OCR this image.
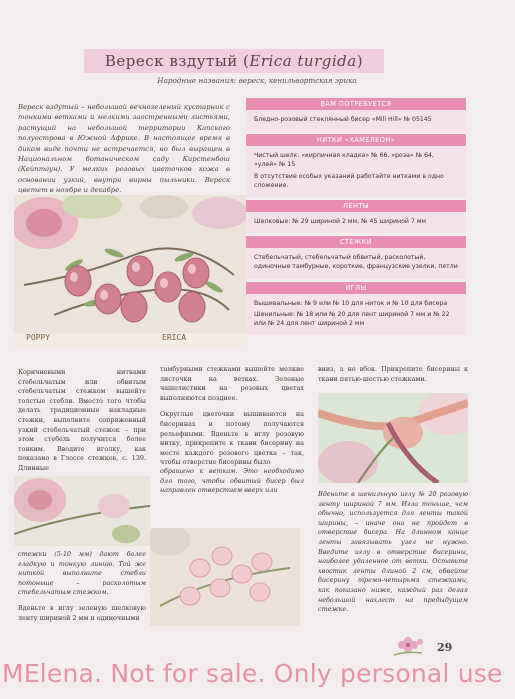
Вереск вздутый ( Erica turgida )
Народные названия: вереск, кенильвортская эрика
Вереск вздутый – небольшой вечнозеленый кустарник с тонкими ветками и мелкими заостренными листьями, растущий на небольшой территории Капского полуострова в Южной Африке. В настоящее время в диком виде почти не встречается, но был выращен в Национальном ботаническом саду Кирстенбош (Кейптаун). У мелких розовых цветочков кожа в основании узкий, внутри вирны пыльники. Вереск цветет в ноябре и декабре.
ВАМ ПОТРЕБУЕТСЯ

Бледно-розовый стеклянный бисер «Mill Hill» № 05145

НИТКИ «ХАМЕЛЕОН»

Чистый шелк: «кирпичная кладка» № 66, «роза» № 64, «улей» № 15

В отсутствие особых указаний работайте нитками в одно сложение.

ЛЕНТЫ

Шелковые: № 29 шириной 2 мм, № 45 шириной 7 мм

СТЕЖКИ

Стебельчатый, стебельчатый обвитый, расколотый, одиночные тамбурные, короткие, французские узелки, петли

ИГЛЫ

Вышивальные: № 9 или № 10 для ниток и № 10 для бисера

Шенильные: № 18 или № 20 для лент шириной 7 мм и № 22 или № 24 для лент шириной 2 мм

POPPY	ERICA

Коричневыми нитками стебельчатым или обвитым стебельчатым стежком вышейте толстые стебли. Вместо того чтобы делать традиционные накладные стежки, выполните сопряженный узкий стебельчатый стежок – при этом стебель получится более тонким. Вводите иголку, как показано в Глоссе стежков, с. 139. Длинные

стежки (5-10 мм) дают более гладкую и тонкую линию. Той же ниткой выполните стебли потоньше – расколотым стебельчатым стежком.
Вденьте в иглу зеленую шелковую ленту шириной 2 мм и одиночными

тамбурными стежками вышейте мелкие листочки на ветках. Зеленые чашелистики на розовых цветах выполняются позднее.

Округлые цветочки вышиваются на бисеринах и потому получаются рельефными. Вденьте в иглу розовую нитку, прикрепите к ткани бисерину на месте каждого розового цветка – так, чтобы отверстие бисерины было

обращено к веткам. Это необходимо для того, чтобы обвитый бисер был направлен отверстием вверх или
вниз, а не вбок. Прикрепите бисерины к ткани пятью-шестью стежками.
Вденьте в шенильную иглу № 20 розовую ленту шириной 7 мм. Игла тоньше, чем обычно, используется для ленты такой ширины, – иначе она не пройдет в отверстие бисера. На длинном конце ленты завязывать узел не нужно. Введите иглу в отверстие бисерины, наиболее удаленное от ветки. Оставьте хвостик ленты длиной 2 см, обвейте бисерину тремя-четырьмя стежками, как показано ниже, каждый раз делая небольшой нахлест на предыдущем стежке.
29
MElena. Not for sale. Only personal use
